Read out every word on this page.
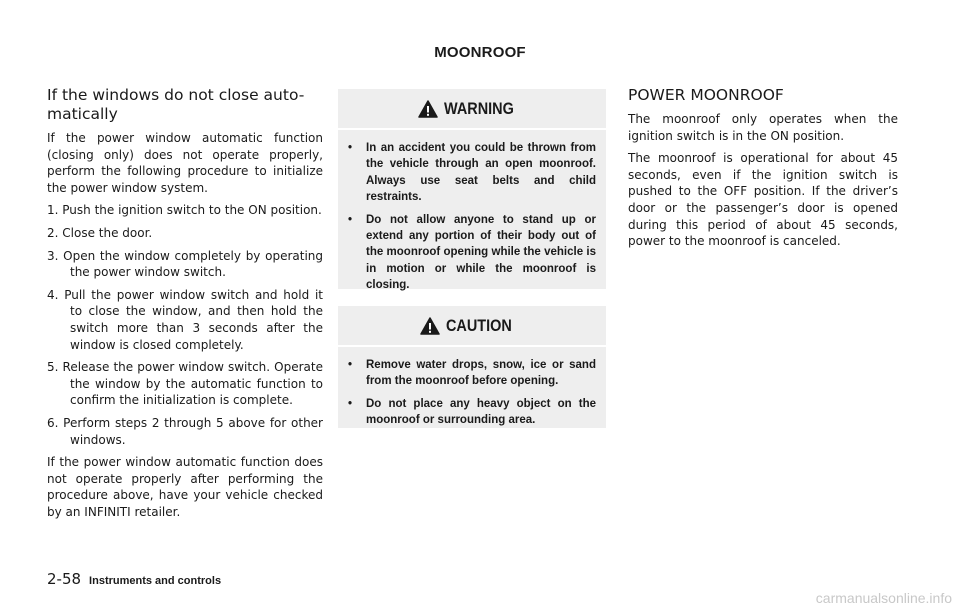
MOONROOF
If the windows do not close auto-
matically
If the power window automatic function (closing only) does not operate properly, perform the following procedure to initialize the power window system.
1. Push the ignition switch to the ON position.
2. Close the door.
3. Open the window completely by operating the power window switch.
4. Pull the power window switch and hold it to close the window, and then hold the switch more than 3 seconds after the window is closed completely.
5. Release the power window switch. Operate the window by the automatic function to confirm the initialization is complete.
6. Perform steps 2 through 5 above for other windows.
If the power window automatic function does not operate properly after performing the procedure above, have your vehicle checked by an INFINITI retailer.
WARNING
•	In an accident you could be thrown from the vehicle through an open moonroof. Always use seat belts and child restraints.
•	Do not allow anyone to stand up or extend any portion of their body out of the moonroof opening while the vehicle is in motion or while the moonroof is closing.
CAUTION
•	Remove water drops, snow, ice or sand from the moonroof before opening.
•	Do not place any heavy object on the moonroof or surrounding area.
POWER MOONROOF
The moonroof only operates when the ignition switch is in the ON position.
The moonroof is operational for about 45 seconds, even if the ignition switch is pushed to the OFF position. If the driver’s door or the passenger’s door is opened during this period of about 45 seconds, power to the moonroof is canceled.
2-58 Instruments and controls
carmanualsonline.info
